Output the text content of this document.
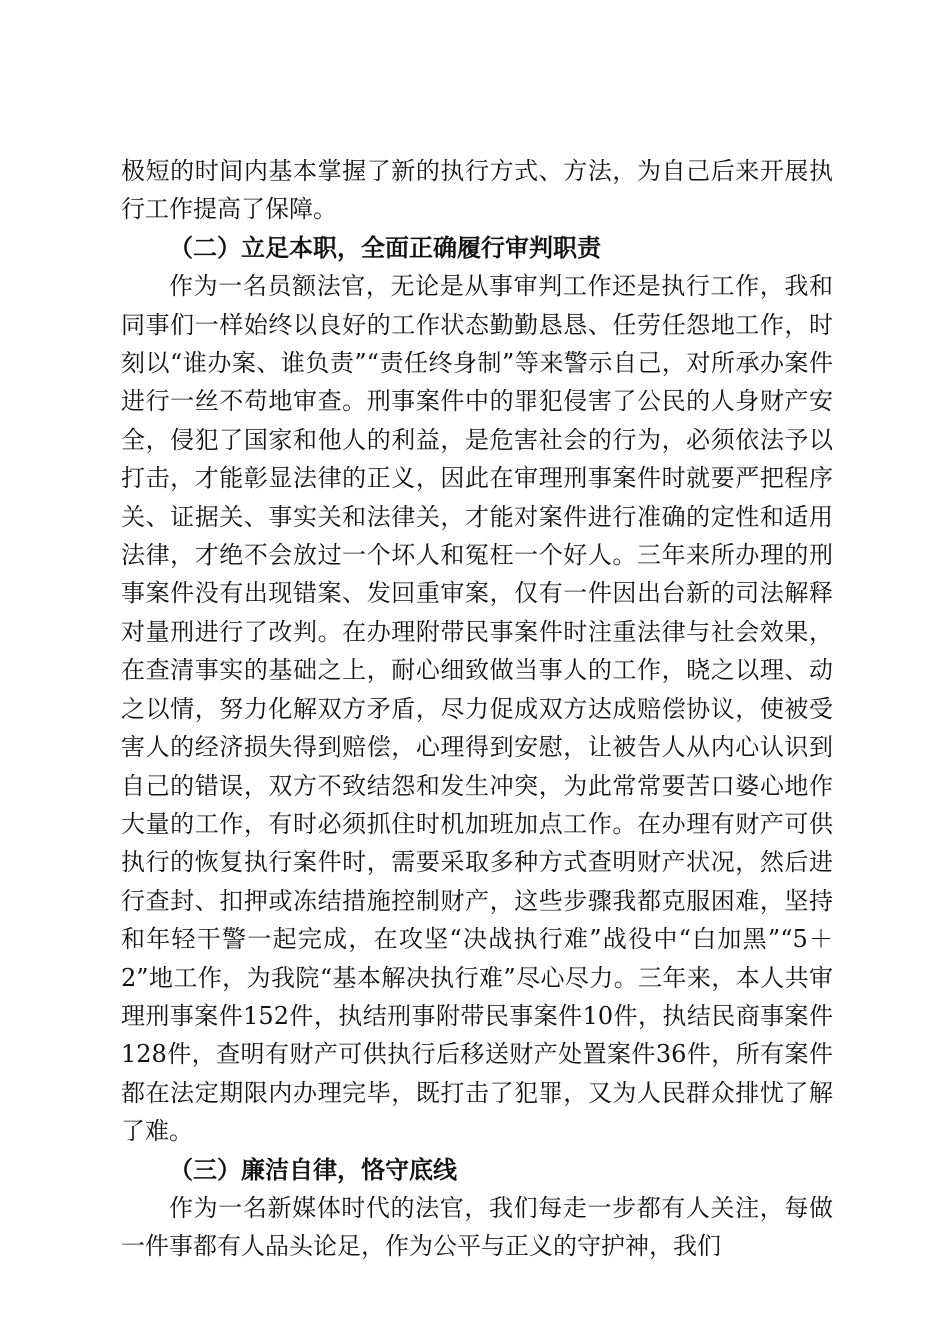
极短的时间内基本掌握了新的执行方式、方法，为自己后来开展执行工作提高了保障。

（二）立足本职，全面正确履行审判职责

作为一名员额法官，无论是从事审判工作还是执行工作，我和同事们一样始终以良好的工作状态勤勤恳恳、任劳任怨地工作，时刻以“谁办案、谁负责”“责任终身制”等来警示自己，对所承办案件进行一丝不苟地审查。刑事案件中的罪犯侵害了公民的人身财产安全，侵犯了国家和他人的利益，是危害社会的行为，必须依法予以打击，才能彰显法律的正义，因此在审理刑事案件时就要严把程序关、证据关、事实关和法律关，才能对案件进行准确的定性和适用法律，才绝不会放过一个坏人和冤枉一个好人。三年来所办理的刑事案件没有出现错案、发回重审案，仅有一件因出台新的司法解释对量刑进行了改判。在办理附带民事案件时注重法律与社会效果，在查清事实的基础之上，耐心细致做当事人的工作，晓之以理、动之以情，努力化解双方矛盾，尽力促成双方达成赔偿协议，使被受害人的经济损失得到赔偿，心理得到安慰，让被告人从内心认识到自己的错误，双方不致结怨和发生冲突，为此常常要苦口婆心地作大量的工作，有时必须抓住时机加班加点工作。在办理有财产可供执行的恢复执行案件时，需要采取多种方式查明财产状况，然后进行查封、扣押或冻结措施控制财产，这些步骤我都克服困难，坚持和年轻干警一起完成，在攻坚“决战执行难”战役中“白加黑”“5＋2”地工作，为我院“基本解决执行难”尽心尽力。三年来，本人共审理刑事案件152件，执结刑事附带民事案件10件，执结民商事案件128件，查明有财产可供执行后移送财产处置案件36件，所有案件都在法定期限内办理完毕，既打击了犯罪，又为人民群众排忧了解了难。

（三）廉洁自律，恪守底线

作为一名新媒体时代的法官，我们每走一步都有人关注，每做一件事都有人品头论足，作为公平与正义的守护神，我们
